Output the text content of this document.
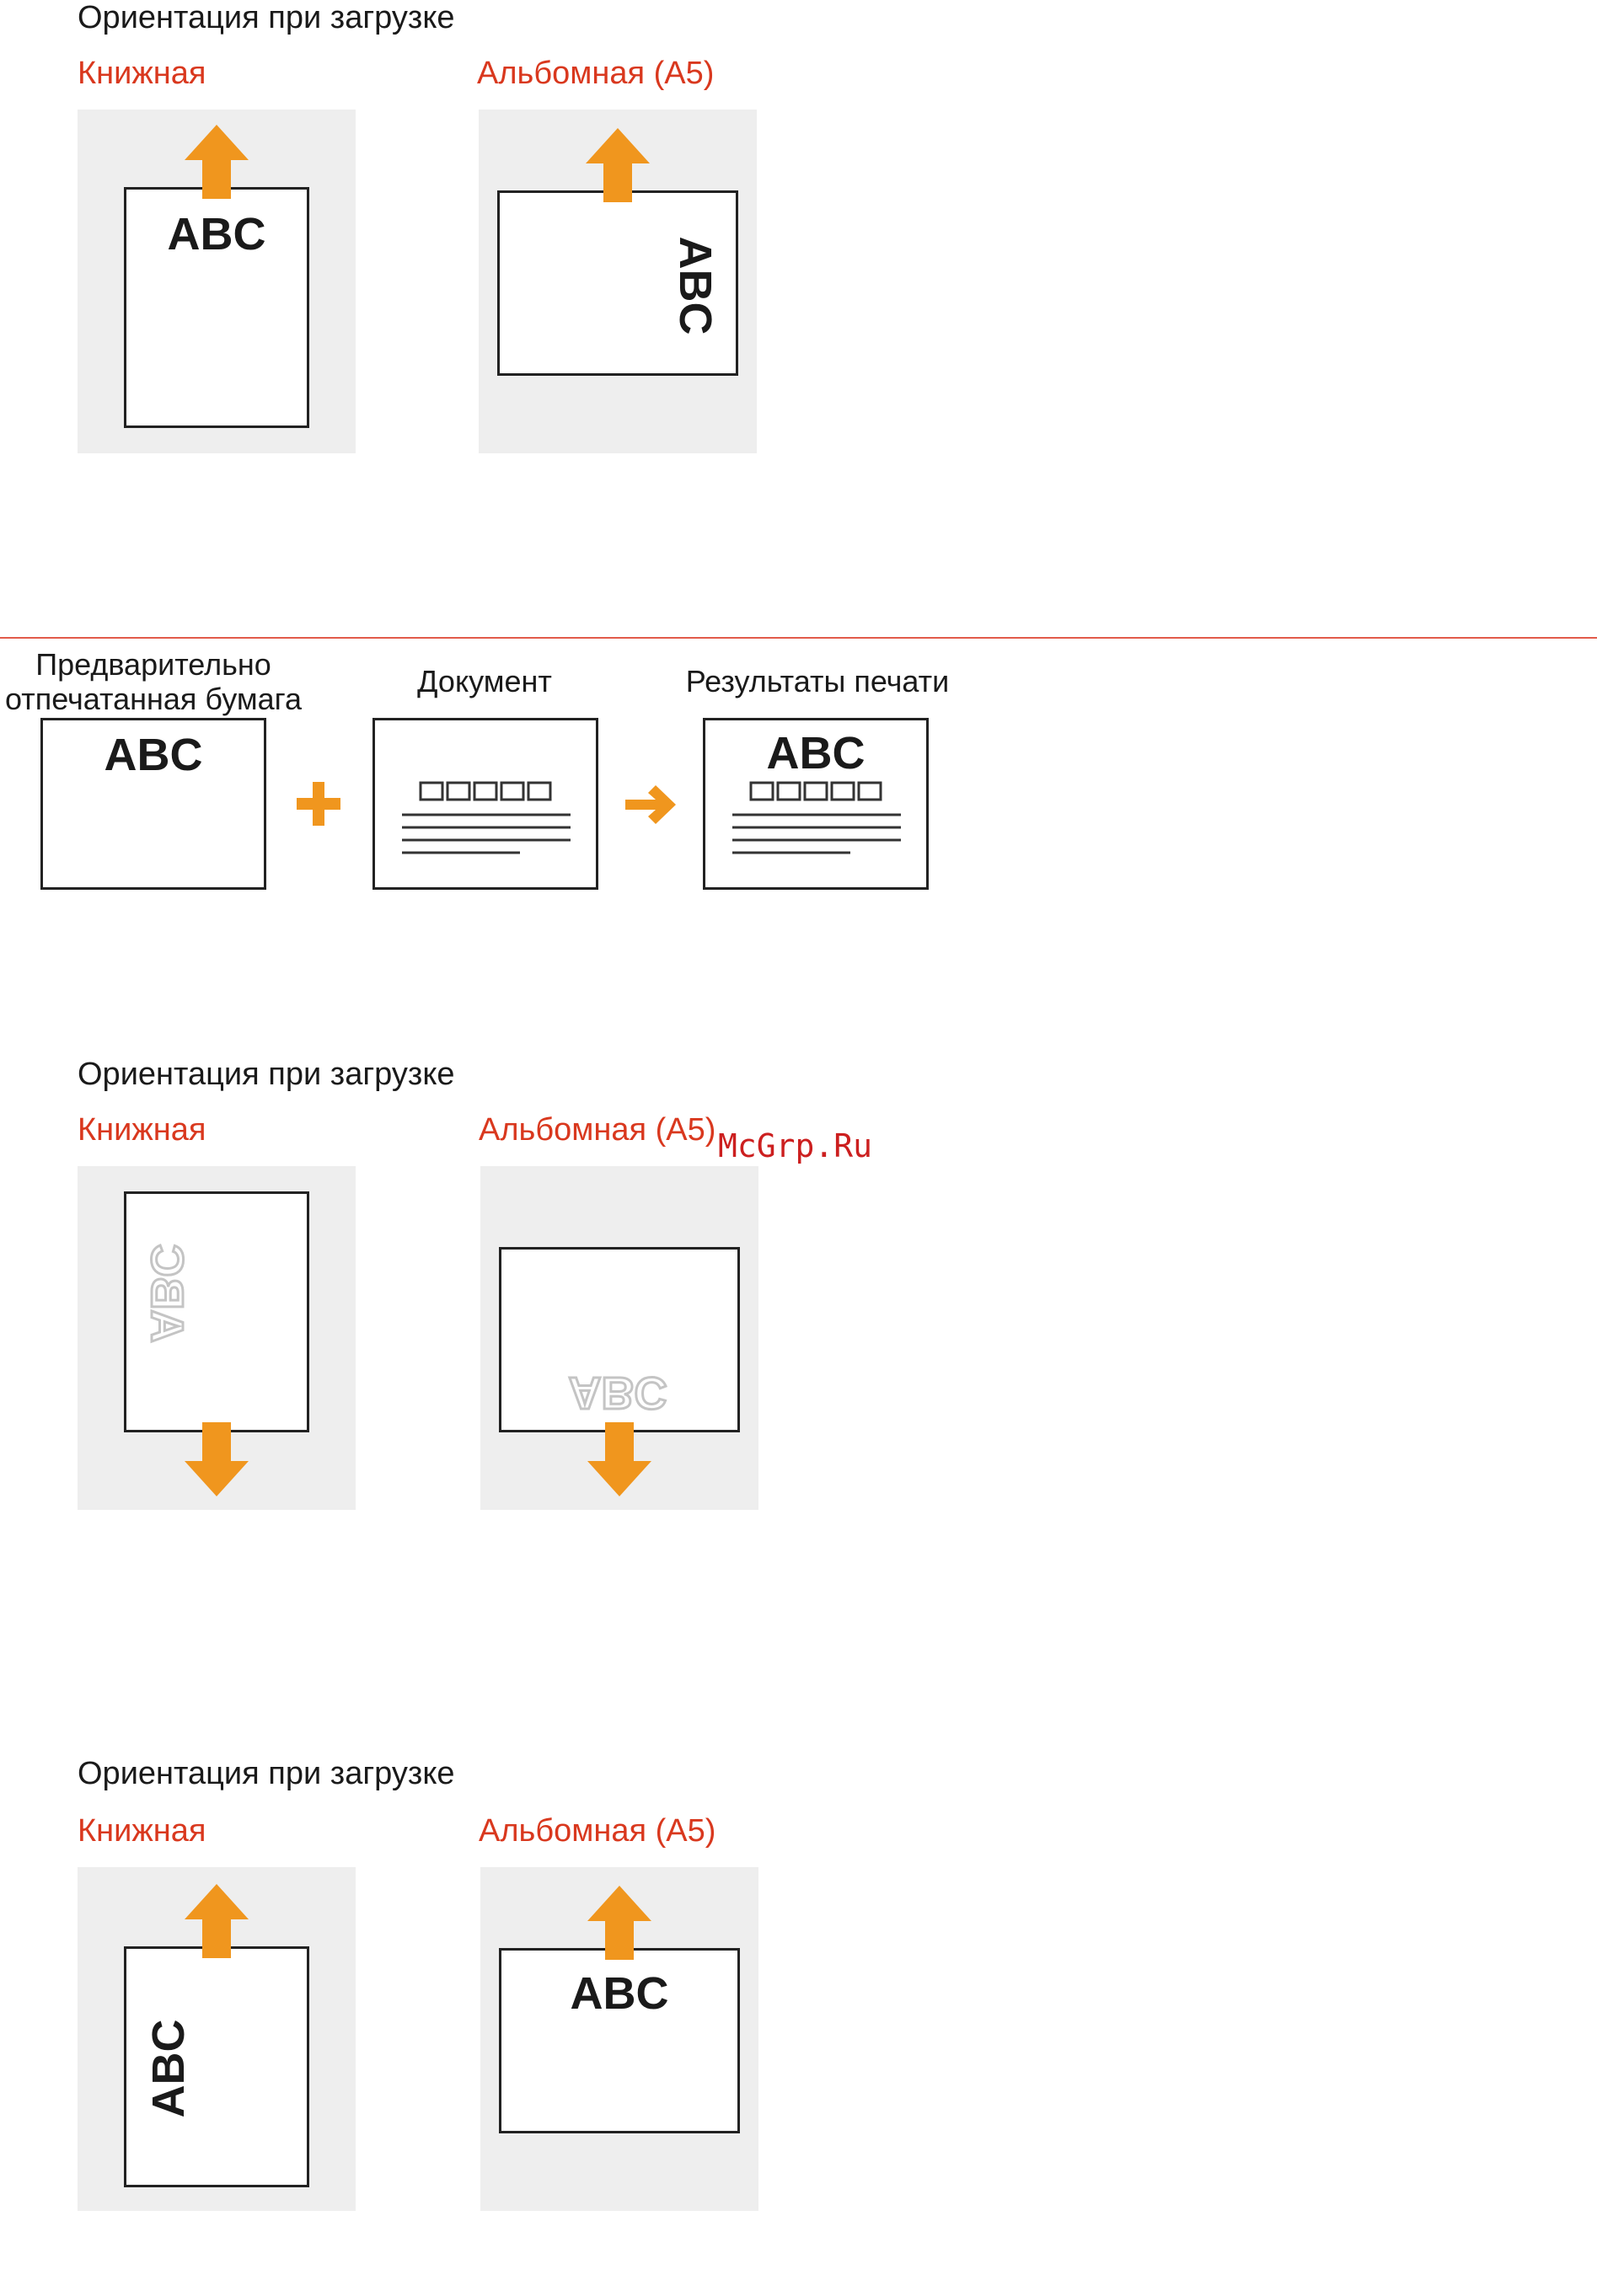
Ориентация при загрузке
Книжная	Альбомная (A5)
ABC
ABC
Предварительно
отпечатанная бумага
Документ	Результаты печати
ABC	ABC
Ориентация при загрузке
Книжная	Альбомная (A5) McGrp.Ru
ABC
ABC
Ориентация при загрузке
Книжная	Альбомная (A5)
ABC
ABC
